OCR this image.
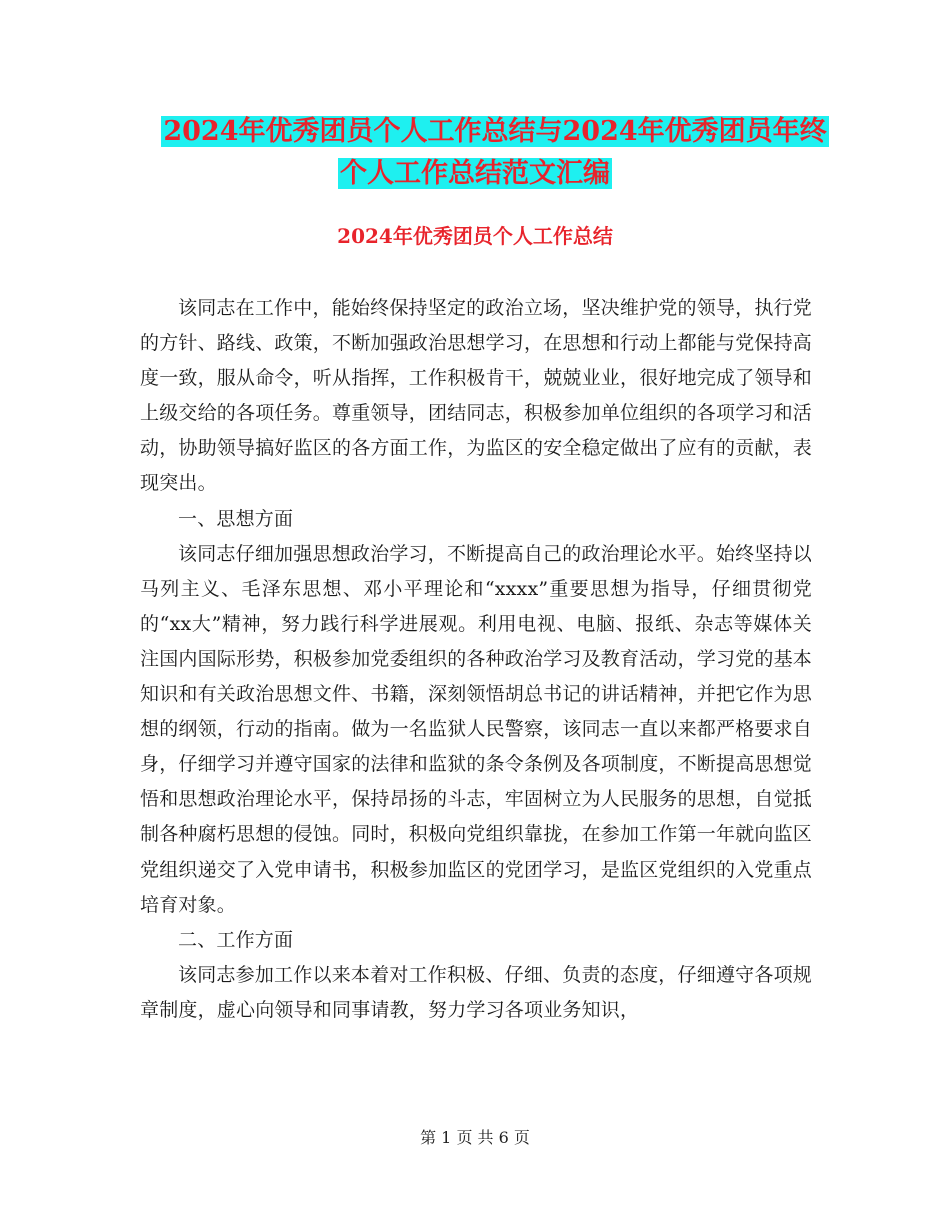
2024年优秀团员个人工作总结与2024年优秀团员年终
个人工作总结范文汇编
2024年优秀团员个人工作总结

该同志在工作中，能始终保持坚定的政治立场，坚决维护党的领导，执行党的方针、路线、政策，不断加强政治思想学习，在思想和行动上都能与党保持高度一致，服从命令，听从指挥，工作积极肯干，兢兢业业，很好地完成了领导和上级交给的各项任务。尊重领导，团结同志，积极参加单位组织的各项学习和活动，协助领导搞好监区的各方面工作，为监区的安全稳定做出了应有的贡献，表现突出。

一、思想方面

该同志仔细加强思想政治学习，不断提高自己的政治理论水平。始终坚持以马列主义、毛泽东思想、邓小平理论和“xxxx”重要思想为指导，仔细贯彻党的“xx大”精神，努力践行科学进展观。利用电视、电脑、报纸、杂志等媒体关注国内国际形势，积极参加党委组织的各种政治学习及教育活动，学习党的基本知识和有关政治思想文件、书籍，深刻领悟胡总书记的讲话精神，并把它作为思想的纲领，行动的指南。做为一名监狱人民警察，该同志一直以来都严格要求自身，仔细学习并遵守国家的法律和监狱的条令条例及各项制度，不断提高思想觉悟和思想政治理论水平，保持昂扬的斗志，牢固树立为人民服务的思想，自觉抵制各种腐朽思想的侵蚀。同时，积极向党组织靠拢，在参加工作第一年就向监区党组织递交了入党申请书，积极参加监区的党团学习，是监区党组织的入党重点培育对象。

二、工作方面

该同志参加工作以来本着对工作积极、仔细、负责的态度，仔细遵守各项规章制度，虚心向领导和同事请教，努力学习各项业务知识，

第 1 页 共 6 页
